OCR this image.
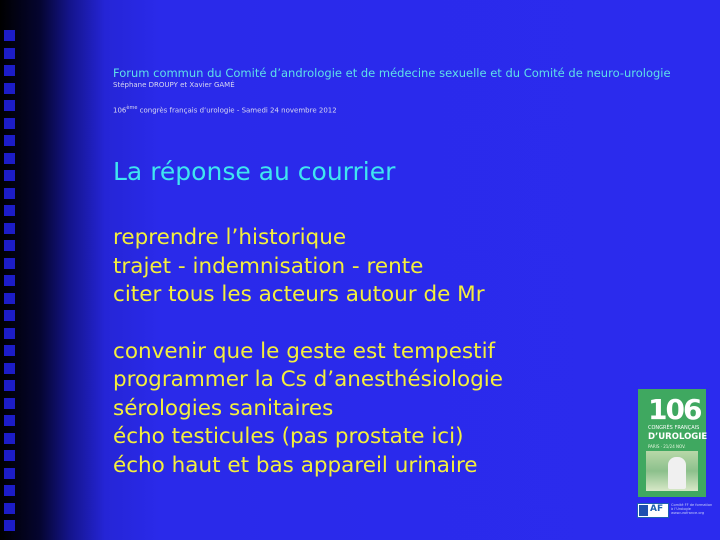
Forum commun du Comité d’andrologie et de médecine sexuelle et du Comité de neuro-urologie
Stéphane DROUPY et Xavier GAMÉ
106ème congrès français d’urologie - Samedi 24 novembre 2012
La réponse au courrier
reprendre l’historique
trajet - indemnisation - rente
citer tous les acteurs autour de Mr
convenir que le geste est tempestif
programmer la Cs d’anesthésiologie
sérologies sanitaires
écho testicules (pas prostate ici)
écho haut et bas appareil urinaire
106
CONGRÈS FRANÇAIS
D’UROLOGIE
PARIS · 21/24 NOV.
AF Comité FF de formation à l’Urologie www.urofrance.org
